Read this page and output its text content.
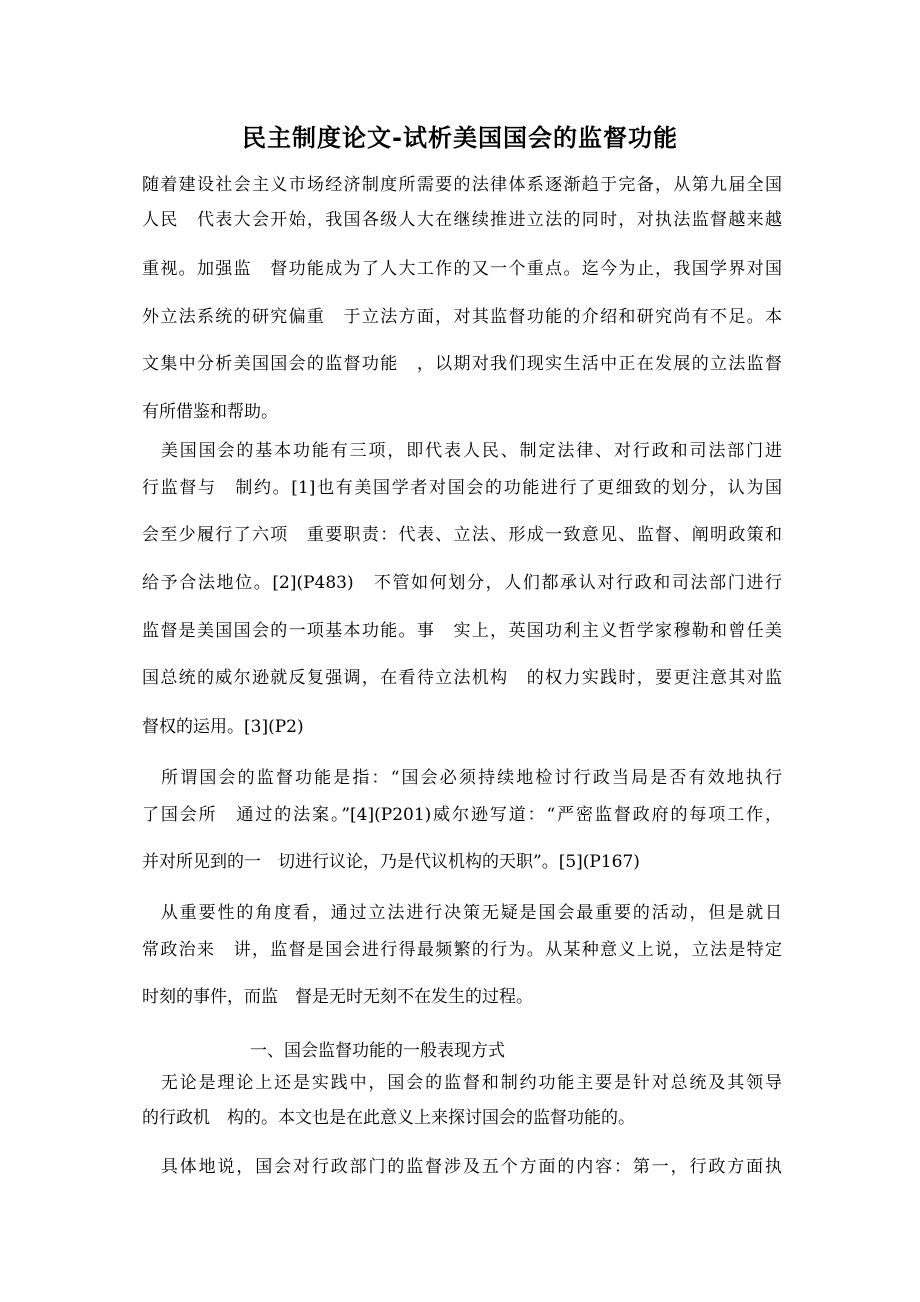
民主制度论文-试析美国国会的监督功能
随着建设社会主义市场经济制度所需要的法律体系逐渐趋于完备，从第九届全国
人民　代表大会开始，我国各级人大在继续推进立法的同时，对执法监督越来越
重视。加强监　督功能成为了人大工作的又一个重点。迄今为止，我国学界对国
外立法系统的研究偏重　于立法方面，对其监督功能的介绍和研究尚有不足。本
文集中分析美国国会的监督功能　，以期对我们现实生活中正在发展的立法监督
有所借鉴和帮助。
　美国国会的基本功能有三项，即代表人民、制定法律、对行政和司法部门进
行监督与　制约。[1]也有美国学者对国会的功能进行了更细致的划分，认为国
会至少履行了六项　重要职责：代表、立法、形成一致意见、监督、阐明政策和
给予合法地位。[2](P483)　不管如何划分，人们都承认对行政和司法部门进行
监督是美国国会的一项基本功能。事　实上，英国功利主义哲学家穆勒和曾任美
国总统的威尔逊就反复强调，在看待立法机构　的权力实践时，要更注意其对监
督权的运用。[3](P2)
　所谓国会的监督功能是指：“国会必须持续地检讨行政当局是否有效地执行
了国会所　通过的法案。”[4](P201)威尔逊写道：“严密监督政府的每项工作，
并对所见到的一　切进行议论，乃是代议机构的天职”。[5](P167)
　从重要性的角度看，通过立法进行决策无疑是国会最重要的活动，但是就日
常政治来　讲，监督是国会进行得最频繁的行为。从某种意义上说，立法是特定
时刻的事件，而监　督是无时无刻不在发生的过程。
一、国会监督功能的一般表现方式
　无论是理论上还是实践中，国会的监督和制约功能主要是针对总统及其领导
的行政机　构的。本文也是在此意义上来探讨国会的监督功能的。
　具体地说，国会对行政部门的监督涉及五个方面的内容：第一，行政方面执
